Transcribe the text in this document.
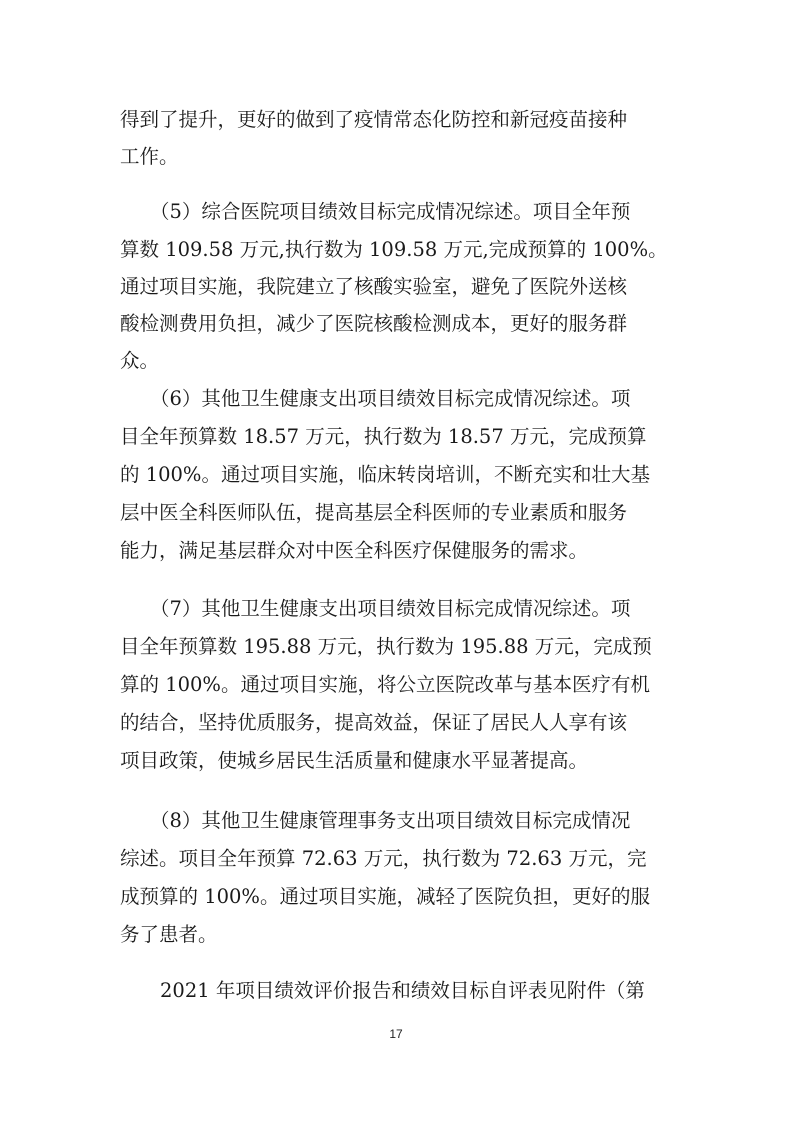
得到了提升，更好的做到了疫情常态化防控和新冠疫苗接种
工作。
（5）综合医院项目绩效目标完成情况综述。项目全年预
算数 109.58 万元,执行数为 109.58 万元,完成预算的 100%。
通过项目实施，我院建立了核酸实验室，避免了医院外送核
酸检测费用负担，减少了医院核酸检测成本，更好的服务群
众。
（6）其他卫生健康支出项目绩效目标完成情况综述。项
目全年预算数 18.57 万元，执行数为 18.57 万元，完成预算
的 100%。通过项目实施，临床转岗培训，不断充实和壮大基
层中医全科医师队伍，提高基层全科医师的专业素质和服务
能力，满足基层群众对中医全科医疗保健服务的需求。
（7）其他卫生健康支出项目绩效目标完成情况综述。项
目全年预算数 195.88 万元，执行数为 195.88 万元，完成预
算的 100%。通过项目实施，将公立医院改革与基本医疗有机
的结合，坚持优质服务，提高效益，保证了居民人人享有该
项目政策，使城乡居民生活质量和健康水平显著提高。
（8）其他卫生健康管理事务支出项目绩效目标完成情况
综述。项目全年预算 72.63 万元，执行数为 72.63 万元，完
成预算的 100%。通过项目实施，减轻了医院负担，更好的服
务了患者。
2021 年项目绩效评价报告和绩效目标自评表见附件（第
17
